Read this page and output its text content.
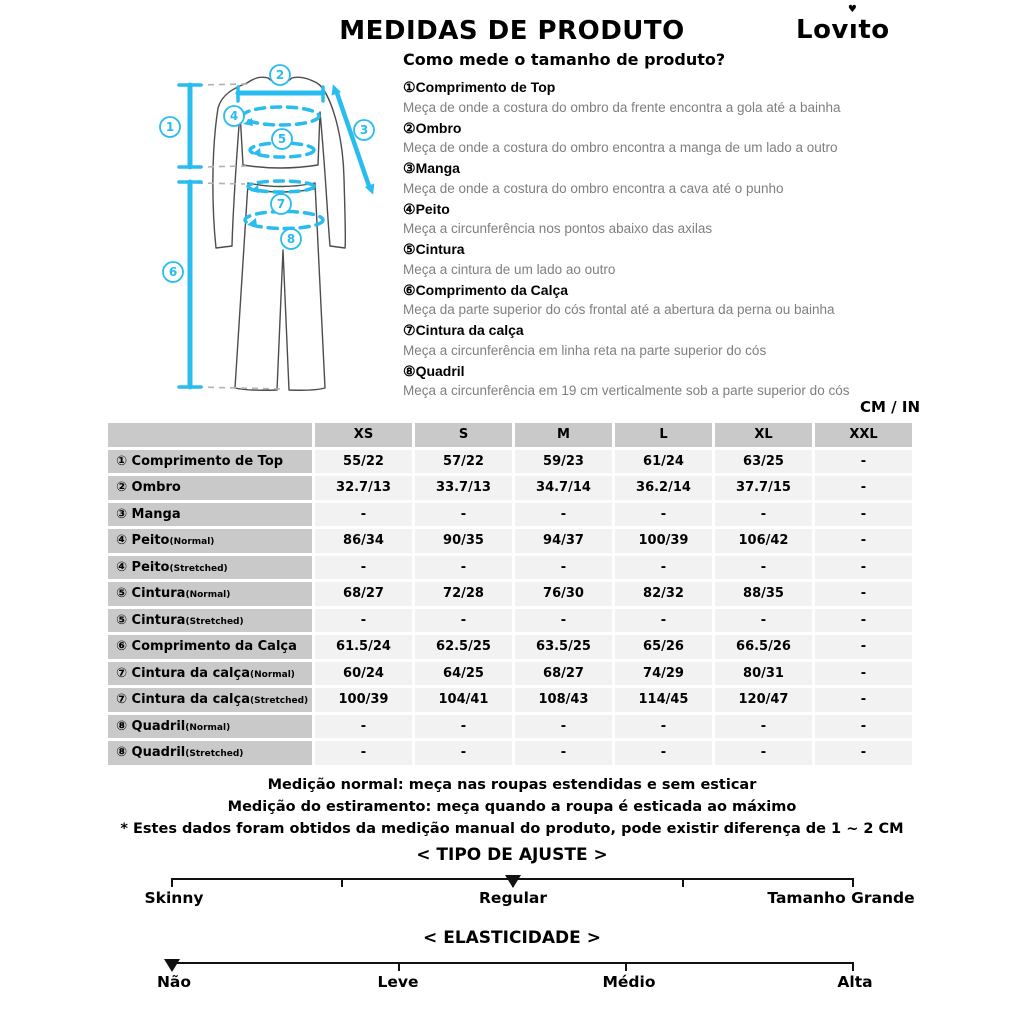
MEDIDAS DE PRODUTO	Lovı
♥
to
Como mede o tamanho de produto?
1
2
3
4
5
6
7
8
①Comprimento de Top
Meça de onde a costura do ombro da frente encontra a gola até a bainha
②Ombro
Meça de onde a costura do ombro encontra a manga de um lado a outro
③Manga
Meça de onde a costura do ombro encontra a cava até o punho
④Peito
Meça a circunferência nos pontos abaixo das axilas
⑤Cintura
Meça a cintura de um lado ao outro
⑥Comprimento da Calça
Meça da parte superior do cós frontal até a abertura da perna ou bainha
⑦Cintura da calça
Meça a circunferência em linha reta na parte superior do cós
⑧Quadril
Meça a circunferência em 19 cm verticalmente sob a parte superior do cós
CM / IN
	XS	S	M	L	XL	XXL
① Comprimento de Top	55/22	57/22	59/23	61/24	63/25	-
② Ombro	32.7/13	33.7/13	34.7/14	36.2/14	37.7/15	-
③ Manga	-	-	-	-	-	-
④ Peito(Normal)	86/34	90/35	94/37	100/39	106/42	-
④ Peito(Stretched)	-	-	-	-	-	-
⑤ Cintura(Normal)	68/27	72/28	76/30	82/32	88/35	-
⑤ Cintura(Stretched)	-	-	-	-	-	-
⑥ Comprimento da Calça	61.5/24	62.5/25	63.5/25	65/26	66.5/26	-
⑦ Cintura da calça(Normal)	60/24	64/25	68/27	74/29	80/31	-
⑦ Cintura da calça(Stretched)	100/39	104/41	108/43	114/45	120/47	-
⑧ Quadril(Normal)	-	-	-	-	-	-
⑧ Quadril(Stretched)	-	-	-	-	-	-
Medição normal: meça nas roupas estendidas e sem esticar
Medição do estiramento: meça quando a roupa é esticada ao máximo
* Estes dados foram obtidos da medição manual do produto, pode existir diferença de 1 ~ 2 CM
< TIPO DE AJUSTE >
Skinny	Regular	Tamanho Grande
< ELASTICIDADE >
Não	Leve	Médio	Alta
